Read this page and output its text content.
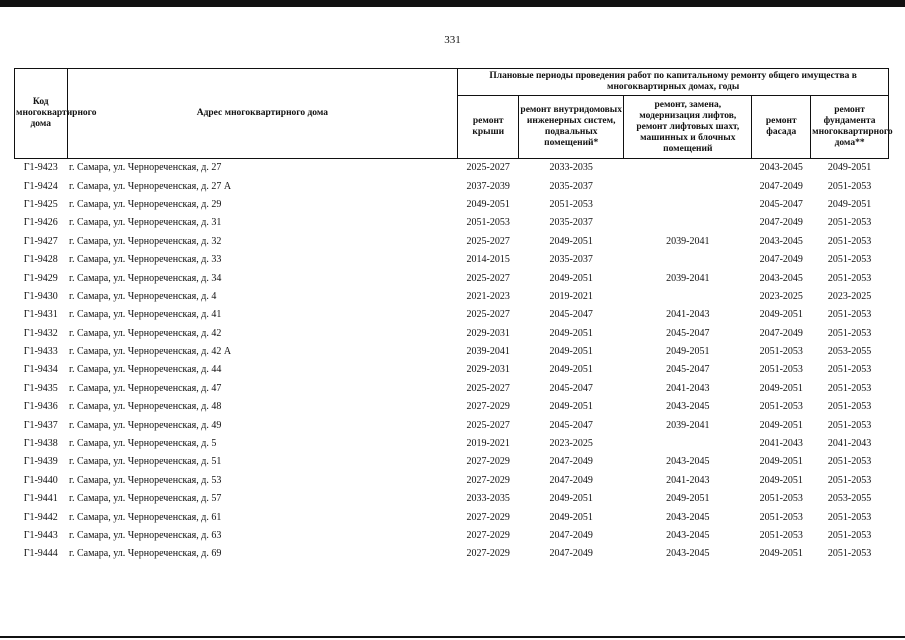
331
Код многоквартирного дома	Адрес многоквартирного дома	Плановые периоды проведения работ по капитальному ремонту общего имущества в многоквартирных домах, годы				
		ремонт крыши	ремонт внутридомовых инженерных систем, подвальных помещений*	ремонт, замена, модернизация лифтов, ремонт лифтовых шахт, машинных и блочных помещений	ремонт фасада	ремонт фундамента многоквартирного дома**
Г1-9423	г. Самара, ул. Чернореченская, д. 27	2025-2027	2033-2035		2043-2045	2049-2051
Г1-9424	г. Самара, ул. Чернореченская, д. 27 А	2037-2039	2035-2037		2047-2049	2051-2053
Г1-9425	г. Самара, ул. Чернореченская, д. 29	2049-2051	2051-2053		2045-2047	2049-2051
Г1-9426	г. Самара, ул. Чернореченская, д. 31	2051-2053	2035-2037		2047-2049	2051-2053
Г1-9427	г. Самара, ул. Чернореченская, д. 32	2025-2027	2049-2051	2039-2041	2043-2045	2051-2053
Г1-9428	г. Самара, ул. Чернореченская, д. 33	2014-2015	2035-2037		2047-2049	2051-2053
Г1-9429	г. Самара, ул. Чернореченская, д. 34	2025-2027	2049-2051	2039-2041	2043-2045	2051-2053
Г1-9430	г. Самара, ул. Чернореченская, д. 4	2021-2023	2019-2021		2023-2025	2023-2025
Г1-9431	г. Самара, ул. Чернореченская, д. 41	2025-2027	2045-2047	2041-2043	2049-2051	2051-2053
Г1-9432	г. Самара, ул. Чернореченская, д. 42	2029-2031	2049-2051	2045-2047	2047-2049	2051-2053
Г1-9433	г. Самара, ул. Чернореченская, д. 42 А	2039-2041	2049-2051	2049-2051	2051-2053	2053-2055
Г1-9434	г. Самара, ул. Чернореченская, д. 44	2029-2031	2049-2051	2045-2047	2051-2053	2051-2053
Г1-9435	г. Самара, ул. Чернореченская, д. 47	2025-2027	2045-2047	2041-2043	2049-2051	2051-2053
Г1-9436	г. Самара, ул. Чернореченская, д. 48	2027-2029	2049-2051	2043-2045	2051-2053	2051-2053
Г1-9437	г. Самара, ул. Чернореченская, д. 49	2025-2027	2045-2047	2039-2041	2049-2051	2051-2053
Г1-9438	г. Самара, ул. Чернореченская, д. 5	2019-2021	2023-2025		2041-2043	2041-2043
Г1-9439	г. Самара, ул. Чернореченская, д. 51	2027-2029	2047-2049	2043-2045	2049-2051	2051-2053
Г1-9440	г. Самара, ул. Чернореченская, д. 53	2027-2029	2047-2049	2041-2043	2049-2051	2051-2053
Г1-9441	г. Самара, ул. Чернореченская, д. 57	2033-2035	2049-2051	2049-2051	2051-2053	2053-2055
Г1-9442	г. Самара, ул. Чернореченская, д. 61	2027-2029	2049-2051	2043-2045	2051-2053	2051-2053
Г1-9443	г. Самара, ул. Чернореченская, д. 63	2027-2029	2047-2049	2043-2045	2051-2053	2051-2053
Г1-9444	г. Самара, ул. Чернореченская, д. 69	2027-2029	2047-2049	2043-2045	2049-2051	2051-2053
